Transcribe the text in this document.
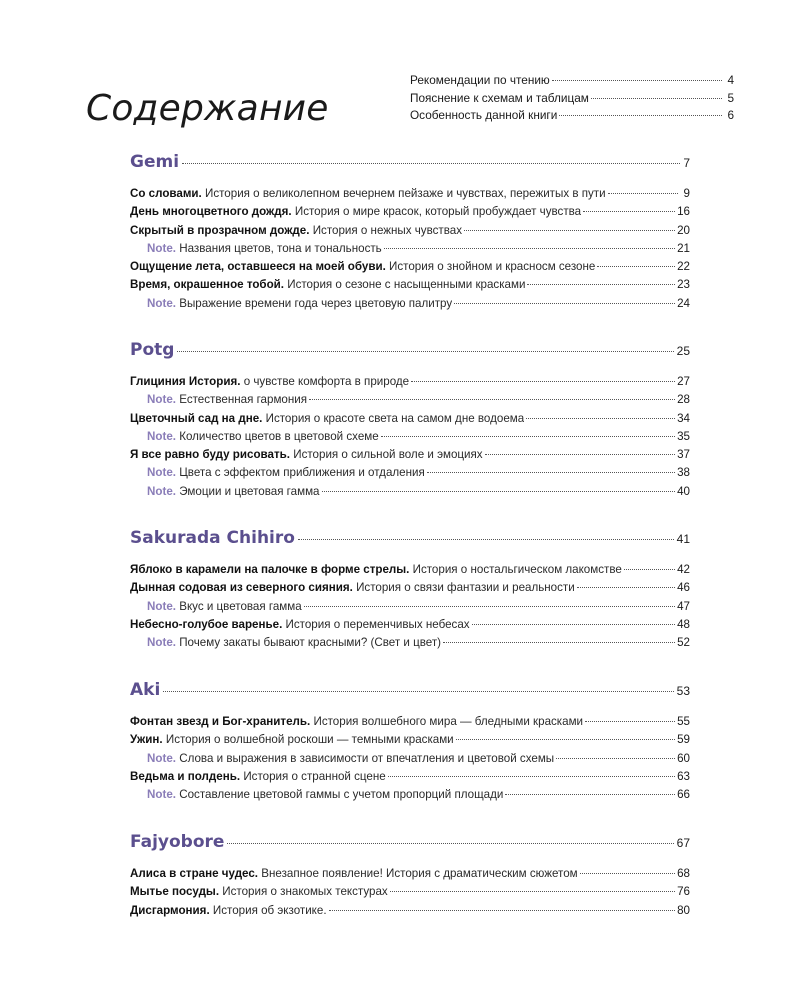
Содержание
Рекомендации по чтению	4
Пояснение к схемам и таблицам	5
Особенность данной книги	6
Gemi	7
Со словами. История о великолепном вечернем пейзаже и чувствах, пережитых в пути	9
День многоцветного дождя. История о мире красок, который пробуждает чувства	16
Скрытый в прозрачном дожде. История о нежных чувствах	20
Note. Названия цветов, тона и тональность	21
Ощущение лета, оставшееся на моей обуви. История о знойном и красносм сезоне	22
Время, окрашенное тобой. История о сезоне с насыщенными красками	23
Note. Выражение времени года через цветовую палитру	24
Potg	25
Глициния История. о чувстве комфорта в природе	27
Note. Естественная гармония	28
Цветочный сад на дне. История о красоте света на самом дне водоема	34
Note. Количество цветов в цветовой схеме	35
Я все равно буду рисовать. История о сильной воле и эмоциях	37
Note. Цвета с эффектом приближения и отдаления	38
Note. Эмоции и цветовая гамма	40
Sakurada Chihiro	41
Яблоко в карамели на палочке в форме стрелы. История о ностальгическом лакомстве	42
Дынная содовая из северного сияния. История о связи фантазии и реальности	46
Note. Вкус и цветовая гамма	47
Небесно-голубое варенье. История о переменчивых небесах	48
Note. Почему закаты бывают красными? (Свет и цвет)	52
Aki	53
Фонтан звезд и Бог-хранитель. История волшебного мира — бледными красками	55
Ужин. История о волшебной роскоши — темными красками	59
Note. Слова и выражения в зависимости от впечатления и цветовой схемы	60
Ведьма и полдень. История о странной сцене	63
Note. Составление цветовой гаммы с учетом пропорций площади	66
Fajyobore	67
Алиса в стране чудес. Внезапное появление! История с драматическим сюжетом	68
Мытье посуды. История о знакомых текстурах	76
Дисгармония. История об экзотике.	80
